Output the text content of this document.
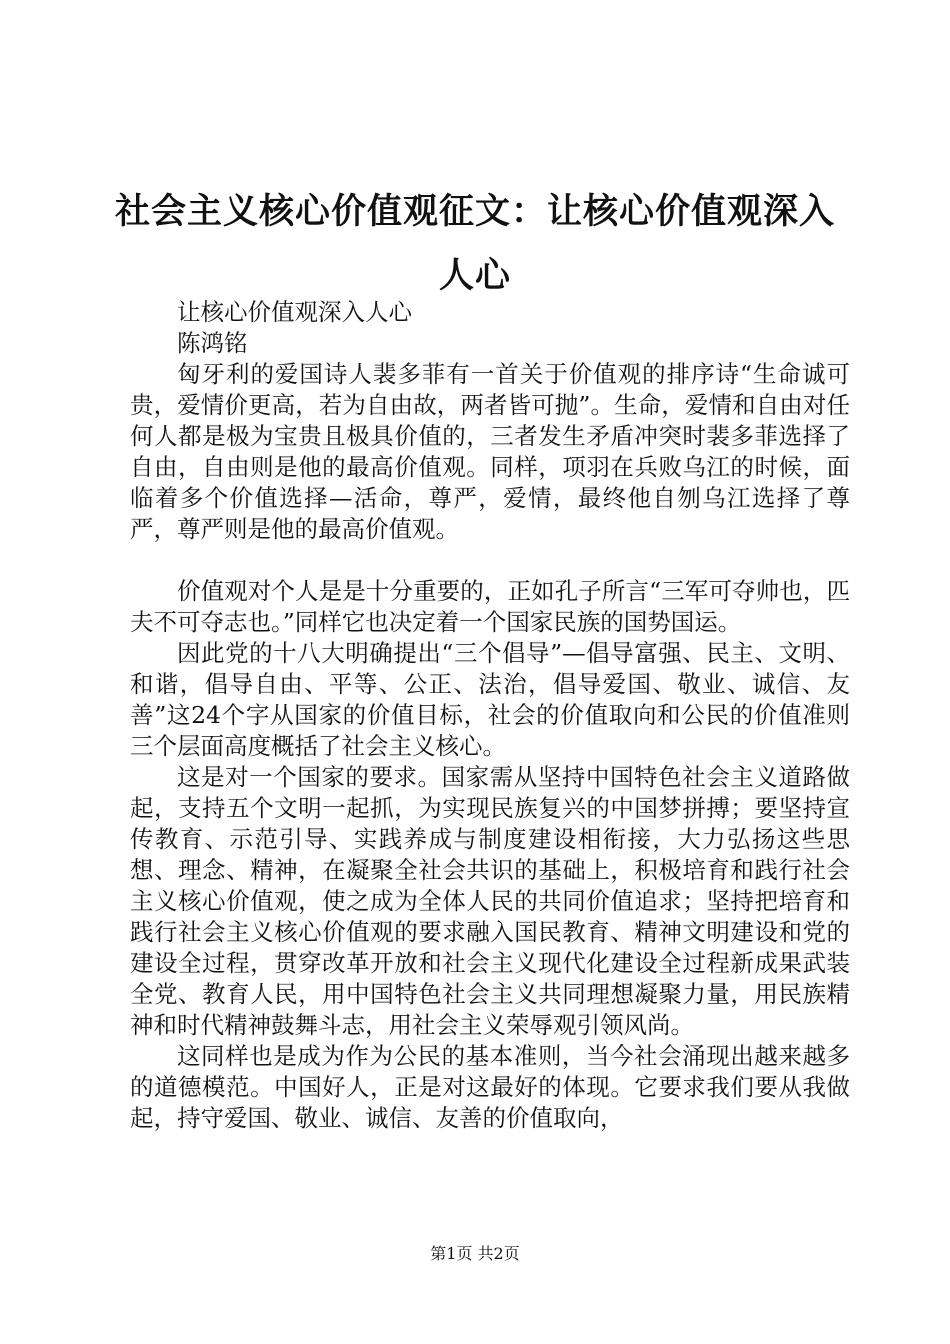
社会主义核心价值观征文：让核心价值观深入人心

让核心价值观深入人心

陈鸿铭

匈牙利的爱国诗人裴多菲有一首关于价值观的排序诗“生命诚可贵，爱情价更高，若为自由故，两者皆可抛”。生命，爱情和自由对任何人都是极为宝贵且极具价值的，三者发生矛盾冲突时裴多菲选择了自由，自由则是他的最高价值观。同样，项羽在兵败乌江的时候，面临着多个价值选择—活命，尊严，爱情，最终他自刎乌江选择了尊严，尊严则是他的最高价值观。

价值观对个人是是十分重要的，正如孔子所言“三军可夺帅也，匹夫不可夺志也。”同样它也决定着一个国家民族的国势国运。

因此党的十八大明确提出“三个倡导”—倡导富强、民主、文明、和谐，倡导自由、平等、公正、法治，倡导爱国、敬业、诚信、友善”这24个字从国家的价值目标，社会的价值取向和公民的价值准则三个层面高度概括了社会主义核心。

这是对一个国家的要求。国家需从坚持中国特色社会主义道路做起，支持五个文明一起抓，为实现民族复兴的中国梦拼搏；要坚持宣传教育、示范引导、实践养成与制度建设相衔接，大力弘扬这些思想、理念、精神，在凝聚全社会共识的基础上，积极培育和践行社会主义核心价值观，使之成为全体人民的共同价值追求；坚持把培育和践行社会主义核心价值观的要求融入国民教育、精神文明建设和党的建设全过程，贯穿改革开放和社会主义现代化建设全过程新成果武装全党、教育人民，用中国特色社会主义共同理想凝聚力量，用民族精神和时代精神鼓舞斗志，用社会主义荣辱观引领风尚。

这同样也是成为作为公民的基本准则，当今社会涌现出越来越多的道德模范。中国好人，正是对这最好的体现。它要求我们要从我做起，持守爱国、敬业、诚信、友善的价值取向，

第1页 共2页
